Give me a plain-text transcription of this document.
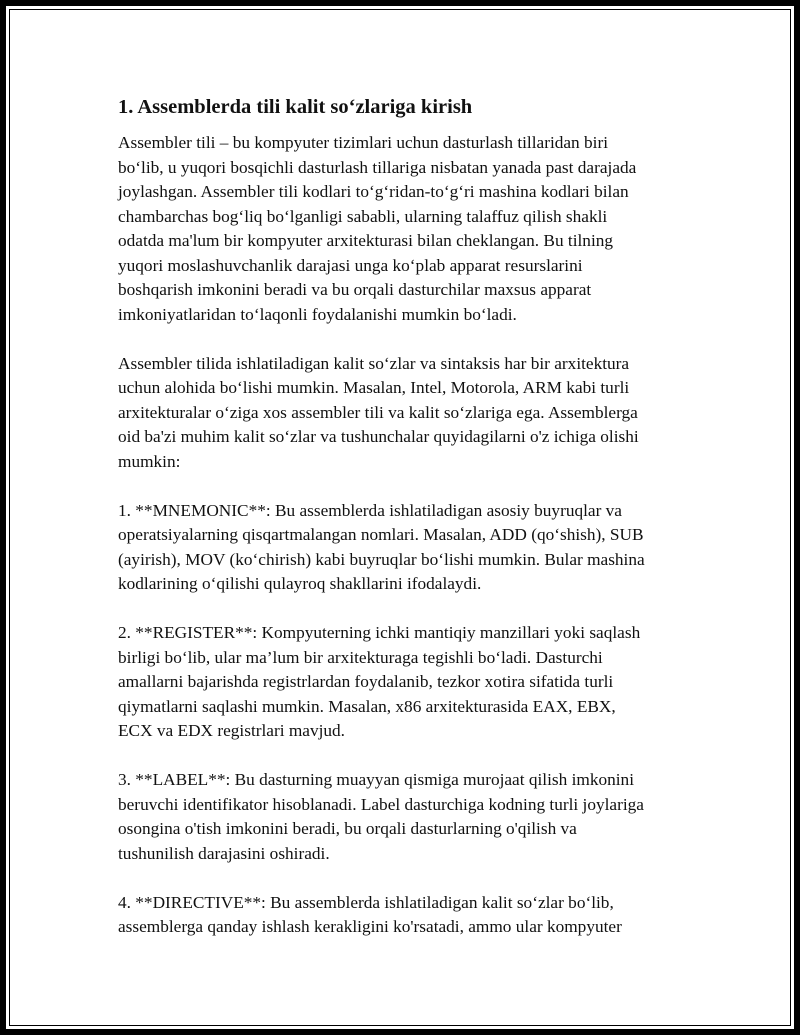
1. Assemblerda tili kalit so‘zlariga kirish

Assembler tili – bu kompyuter tizimlari uchun dasturlash tillaridan biri
bo‘lib, u yuqori bosqichli dasturlash tillariga nisbatan yanada past darajada
joylashgan. Assembler tili kodlari to‘g‘ridan-to‘g‘ri mashina kodlari bilan
chambarchas bog‘liq bo‘lganligi sababli, ularning talaffuz qilish shakli
odatda ma'lum bir kompyuter arxitekturasi bilan cheklangan. Bu tilning
yuqori moslashuvchanlik darajasi unga ko‘plab apparat resurslarini
boshqarish imkonini beradi va bu orqali dasturchilar maxsus apparat
imkoniyatlaridan to‘laqonli foydalanishi mumkin bo‘ladi.

Assembler tilida ishlatiladigan kalit so‘zlar va sintaksis har bir arxitektura
uchun alohida bo‘lishi mumkin. Masalan, Intel, Motorola, ARM kabi turli
arxitekturalar o‘ziga xos assembler tili va kalit so‘zlariga ega. Assemblerga
oid ba'zi muhim kalit so‘zlar va tushunchalar quyidagilarni o'z ichiga olishi
mumkin:

1. **MNEMONIC**: Bu assemblerda ishlatiladigan asosiy buyruqlar va
operatsiyalarning qisqartmalangan nomlari. Masalan, ADD (qo‘shish), SUB
(ayirish), MOV (ko‘chirish) kabi buyruqlar bo‘lishi mumkin. Bular mashina
kodlarining o‘qilishi qulayroq shakllarini ifodalaydi.

2. **REGISTER**: Kompyuterning ichki mantiqiy manzillari yoki saqlash
birligi bo‘lib, ular ma’lum bir arxitekturaga tegishli bo‘ladi. Dasturchi
amallarni bajarishda registrlardan foydalanib, tezkor xotira sifatida turli
qiymatlarni saqlashi mumkin. Masalan, x86 arxitekturasida EAX, EBX,
ECX va EDX registrlari mavjud.

3. **LABEL**: Bu dasturning muayyan qismiga murojaat qilish imkonini
beruvchi identifikator hisoblanadi. Label dasturchiga kodning turli joylariga
osongina o'tish imkonini beradi, bu orqali dasturlarning o'qilish va
tushunilish darajasini oshiradi.

4. **DIRECTIVE**: Bu assemblerda ishlatiladigan kalit so‘zlar bo‘lib,
assemblerga qanday ishlash kerakligini ko'rsatadi, ammo ular kompyuter
